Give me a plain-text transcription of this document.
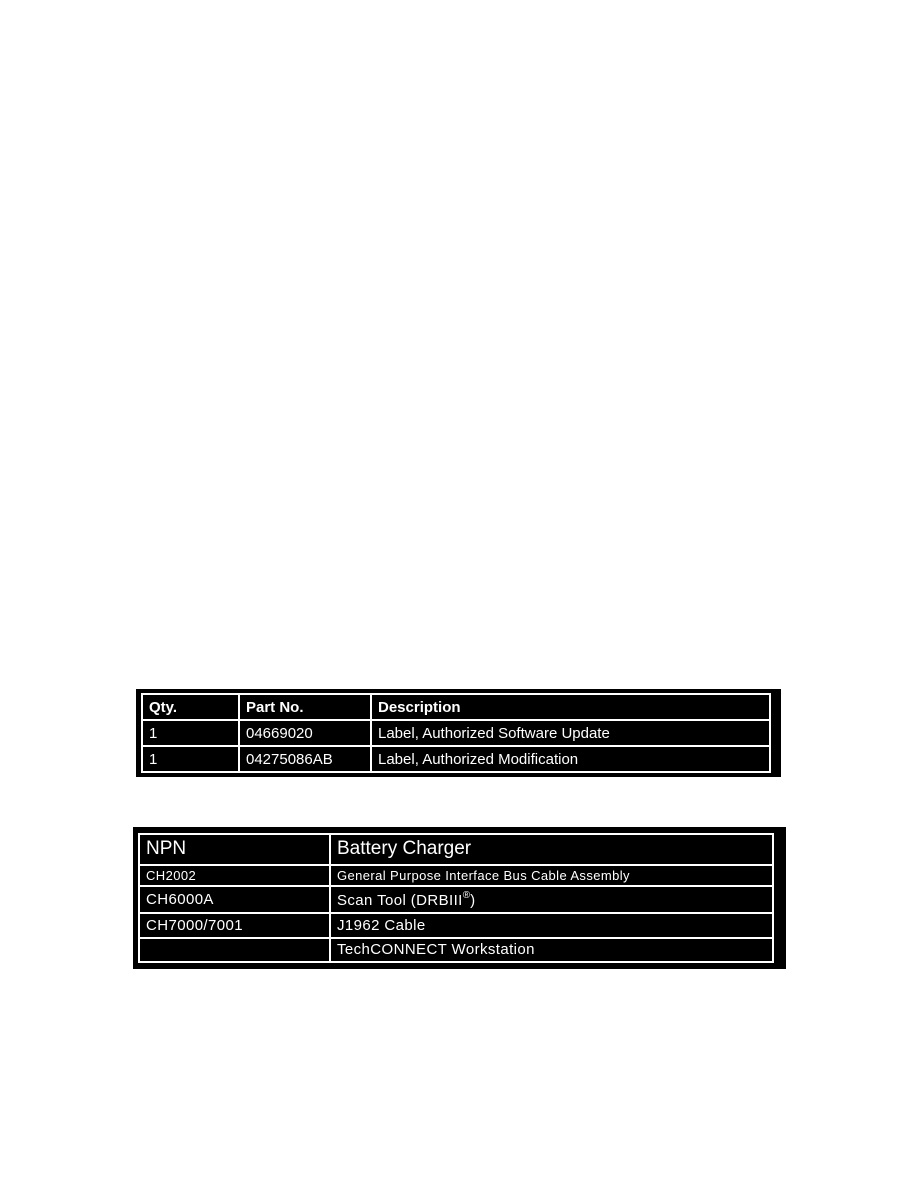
Qty.	Part No.	Description
1	04669020	Label, Authorized Software Update
1	04275086AB	Label, Authorized Modification
NPN	Battery Charger
CH2002	General Purpose Interface Bus Cable Assembly
CH6000A	Scan Tool (DRBIII®)
CH7000/7001	J1962 Cable
	TechCONNECT Workstation
